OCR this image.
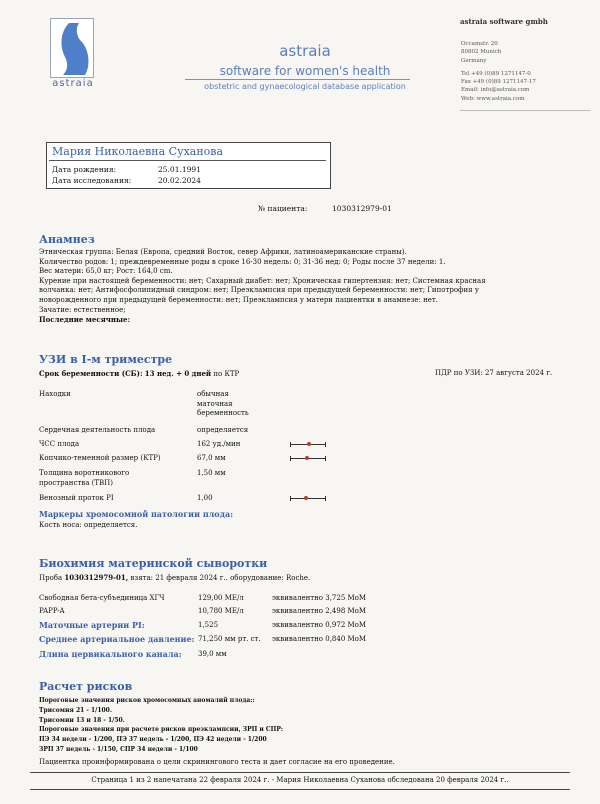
astraia
astraia
software for women's health
obstetric and gynaecological database application
astraia software gmbh
Occamstr. 20
80802 Munich
Germany
Tel +49 (0)89 1271147-0
Fax +49 (0)89 1271147-17
Email: info@astraia.com
Web: www.astraia.com
Мария Николаевна Суханова
Дата рождения:	25.01.1991
Дата исследования:	20.02.2024
№ пациента:	1030312979-01
Анамнез
Этническая группа: Белая (Европа, средний Восток, север Африки, латиноамериканские страны).
Количество родов: 1; преждевременные роды в сроке 16-30 недель: 0; 31-36 нед: 0; Роды после 37 недели: 1.
Вес матери: 65,0 кг; Рост: 164,0 cm.
Курение при настоящей беременности: нет; Сахарный диабет: нет; Хроническая гипертензия: нет; Системная красная
волчанка: нет; Антифосфолипидный синдром: нет; Преэклампсия при предыдущей беременности: нет; Гипотрофия у
новорожденного при предыдущей беременности: нет; Преэклампсия у матери пациентки в анамнезе: нет.
Зачатие: естественное;
Последние месячные:
УЗИ в I-м триместре
Срок беременности (СБ): 13 нед. + 0 дней по КТР	ПДР по УЗИ: 27 августа 2024 г.
Находки	обычная
маточная
беременность
Сердечная деятельность плода	определяется
ЧСС плода	162 уд./мин
Копчико-теменной размер (КТР)	67,0 мм
Толщина воротникового	1,50 мм
пространства (ТВП)
Венозный проток PI	1,00
Маркеры хромосомной патологии плода:
Кость носа: определяется.
Биохимия материнской сыворотки
Проба 1030312979-01, взята: 21 февраля 2024 г.. оборудование: Roche.
Свободная бета-субъединица ХГЧ	129,00 МЕ/л	эквивалентно 3,725 MoM
PAPP-A	10,780 МЕ/л	эквивалентно 2,498 MoM
Маточные артерии PI:	1,525	эквивалентно 0,972 MoM
Среднее артериальное давление: 71,250 мм рт. ст. эквивалентно 0,840 MoM
Длина цервикального канала: 39,0 мм
Расчет рисков
Пороговые значения рисков хромосомных аномалий плода::
Трисомия 21 - 1/100.
Трисомии 13 и 18 - 1/50.
Пороговые значения при расчете рисков преэклампсии, ЗРП и СПР:
ПЭ 34 недели - 1/200, ПЭ 37 недель - 1/200, ПЭ 42 недели - 1/200
ЗРП 37 недель - 1/150, СПР 34 недели - 1/100
Пациентка проинформирована о цели скринингового теста и дает согласие на его проведение.
Страница 1 из 2 напечатана 22 февраля 2024 г. - Мария Николаевна Суханова обследована 20 февраля 2024 г..
